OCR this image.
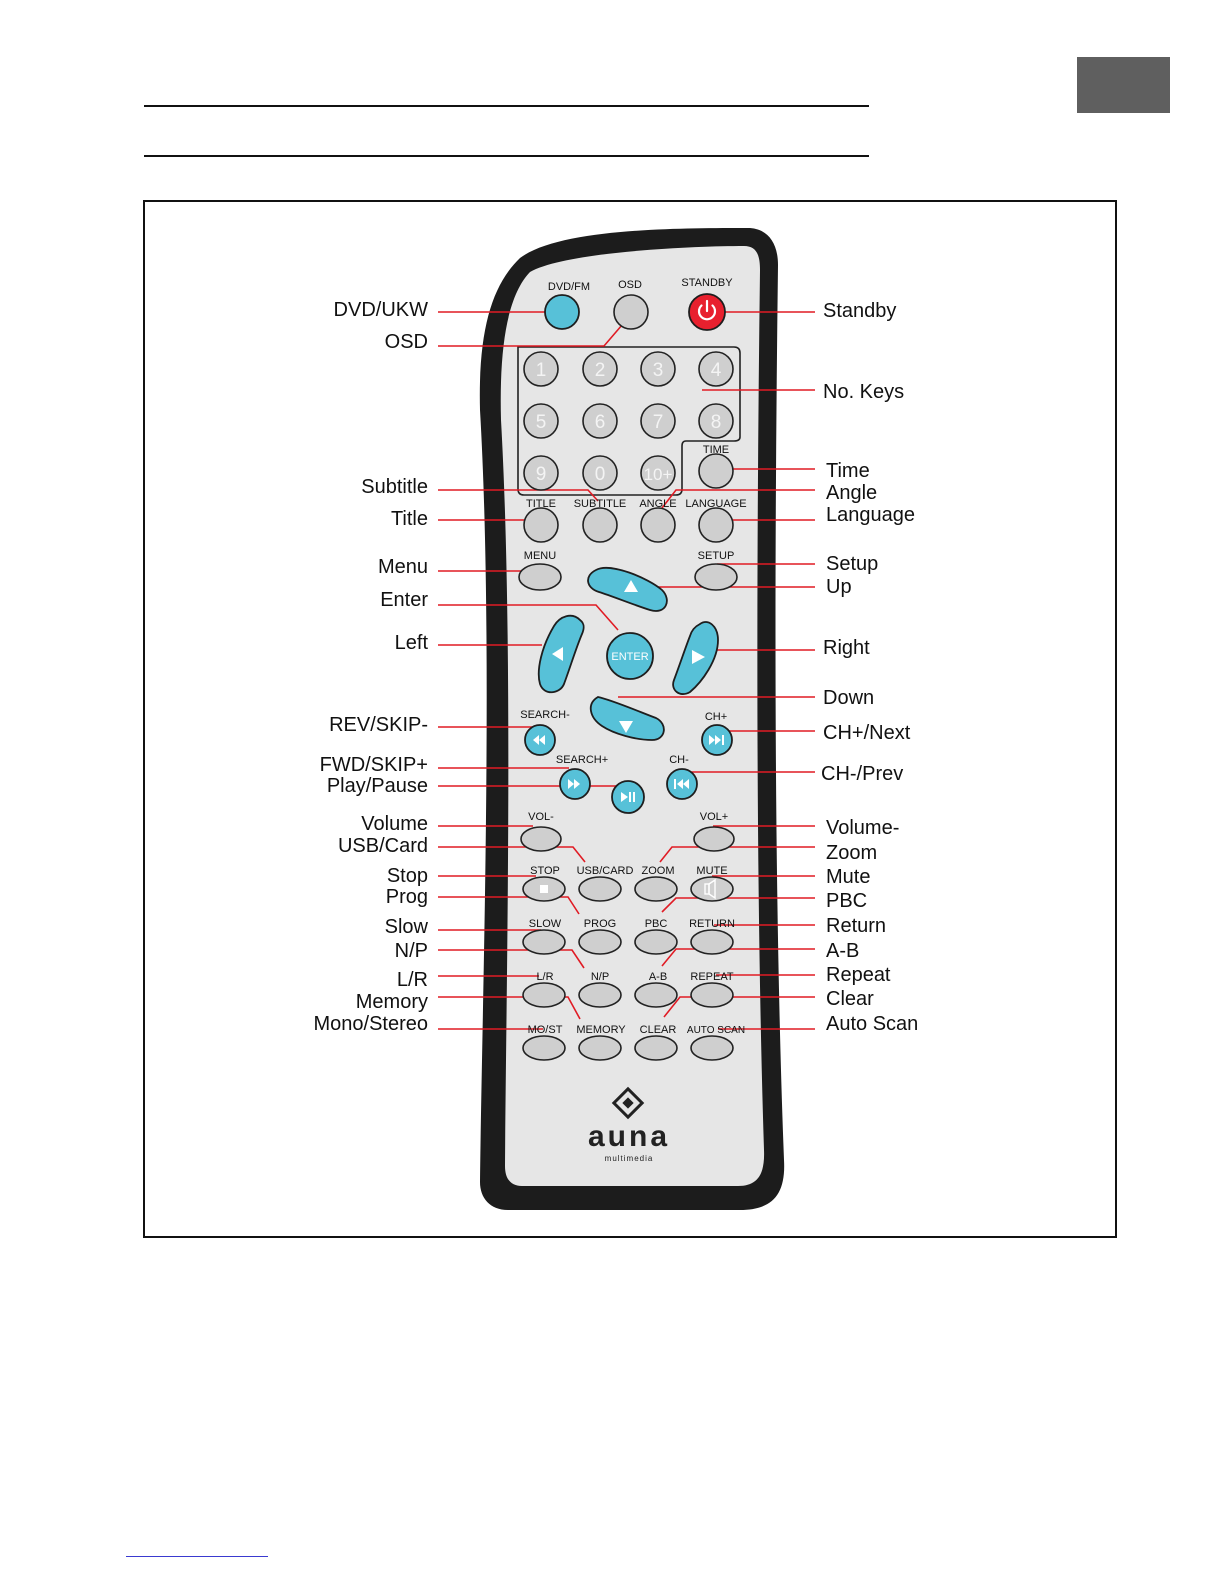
1	2 3 4
5	6 7 8
9	0 10+
ENTER
auna
multimedia
DVD/FM	OSD	STANDBY
TIME
TITLE SUBTITLE ANGLE LANGUAGE
MENU	SETUP
SEARCH-	CH+
SEARCH+	CH-
VOL-	VOL+
STOP USB/CARD ZOOM MUTE
SLOW PROG	PBC RETURN
L/R	N/P	A-B REPEAT
MO/ST MEMORY CLEAR AUTO SCAN
DVD/UKW
OSD
Subtitle
Title
Menu
Enter
Left
REV/SKIP-
FWD/SKIP+
Play/Pause
Volume
USB/Card
Stop
Prog
Slow
N/P
L/R
Memory
Mono/Stereo
Standby
No. Keys
Time
Angle
Language
Setup
Up
Right
Down
CH+/Next
CH-/Prev
Volume-
Zoom
Mute
PBC
Return
A-B
Repeat
Clear
Auto Scan
